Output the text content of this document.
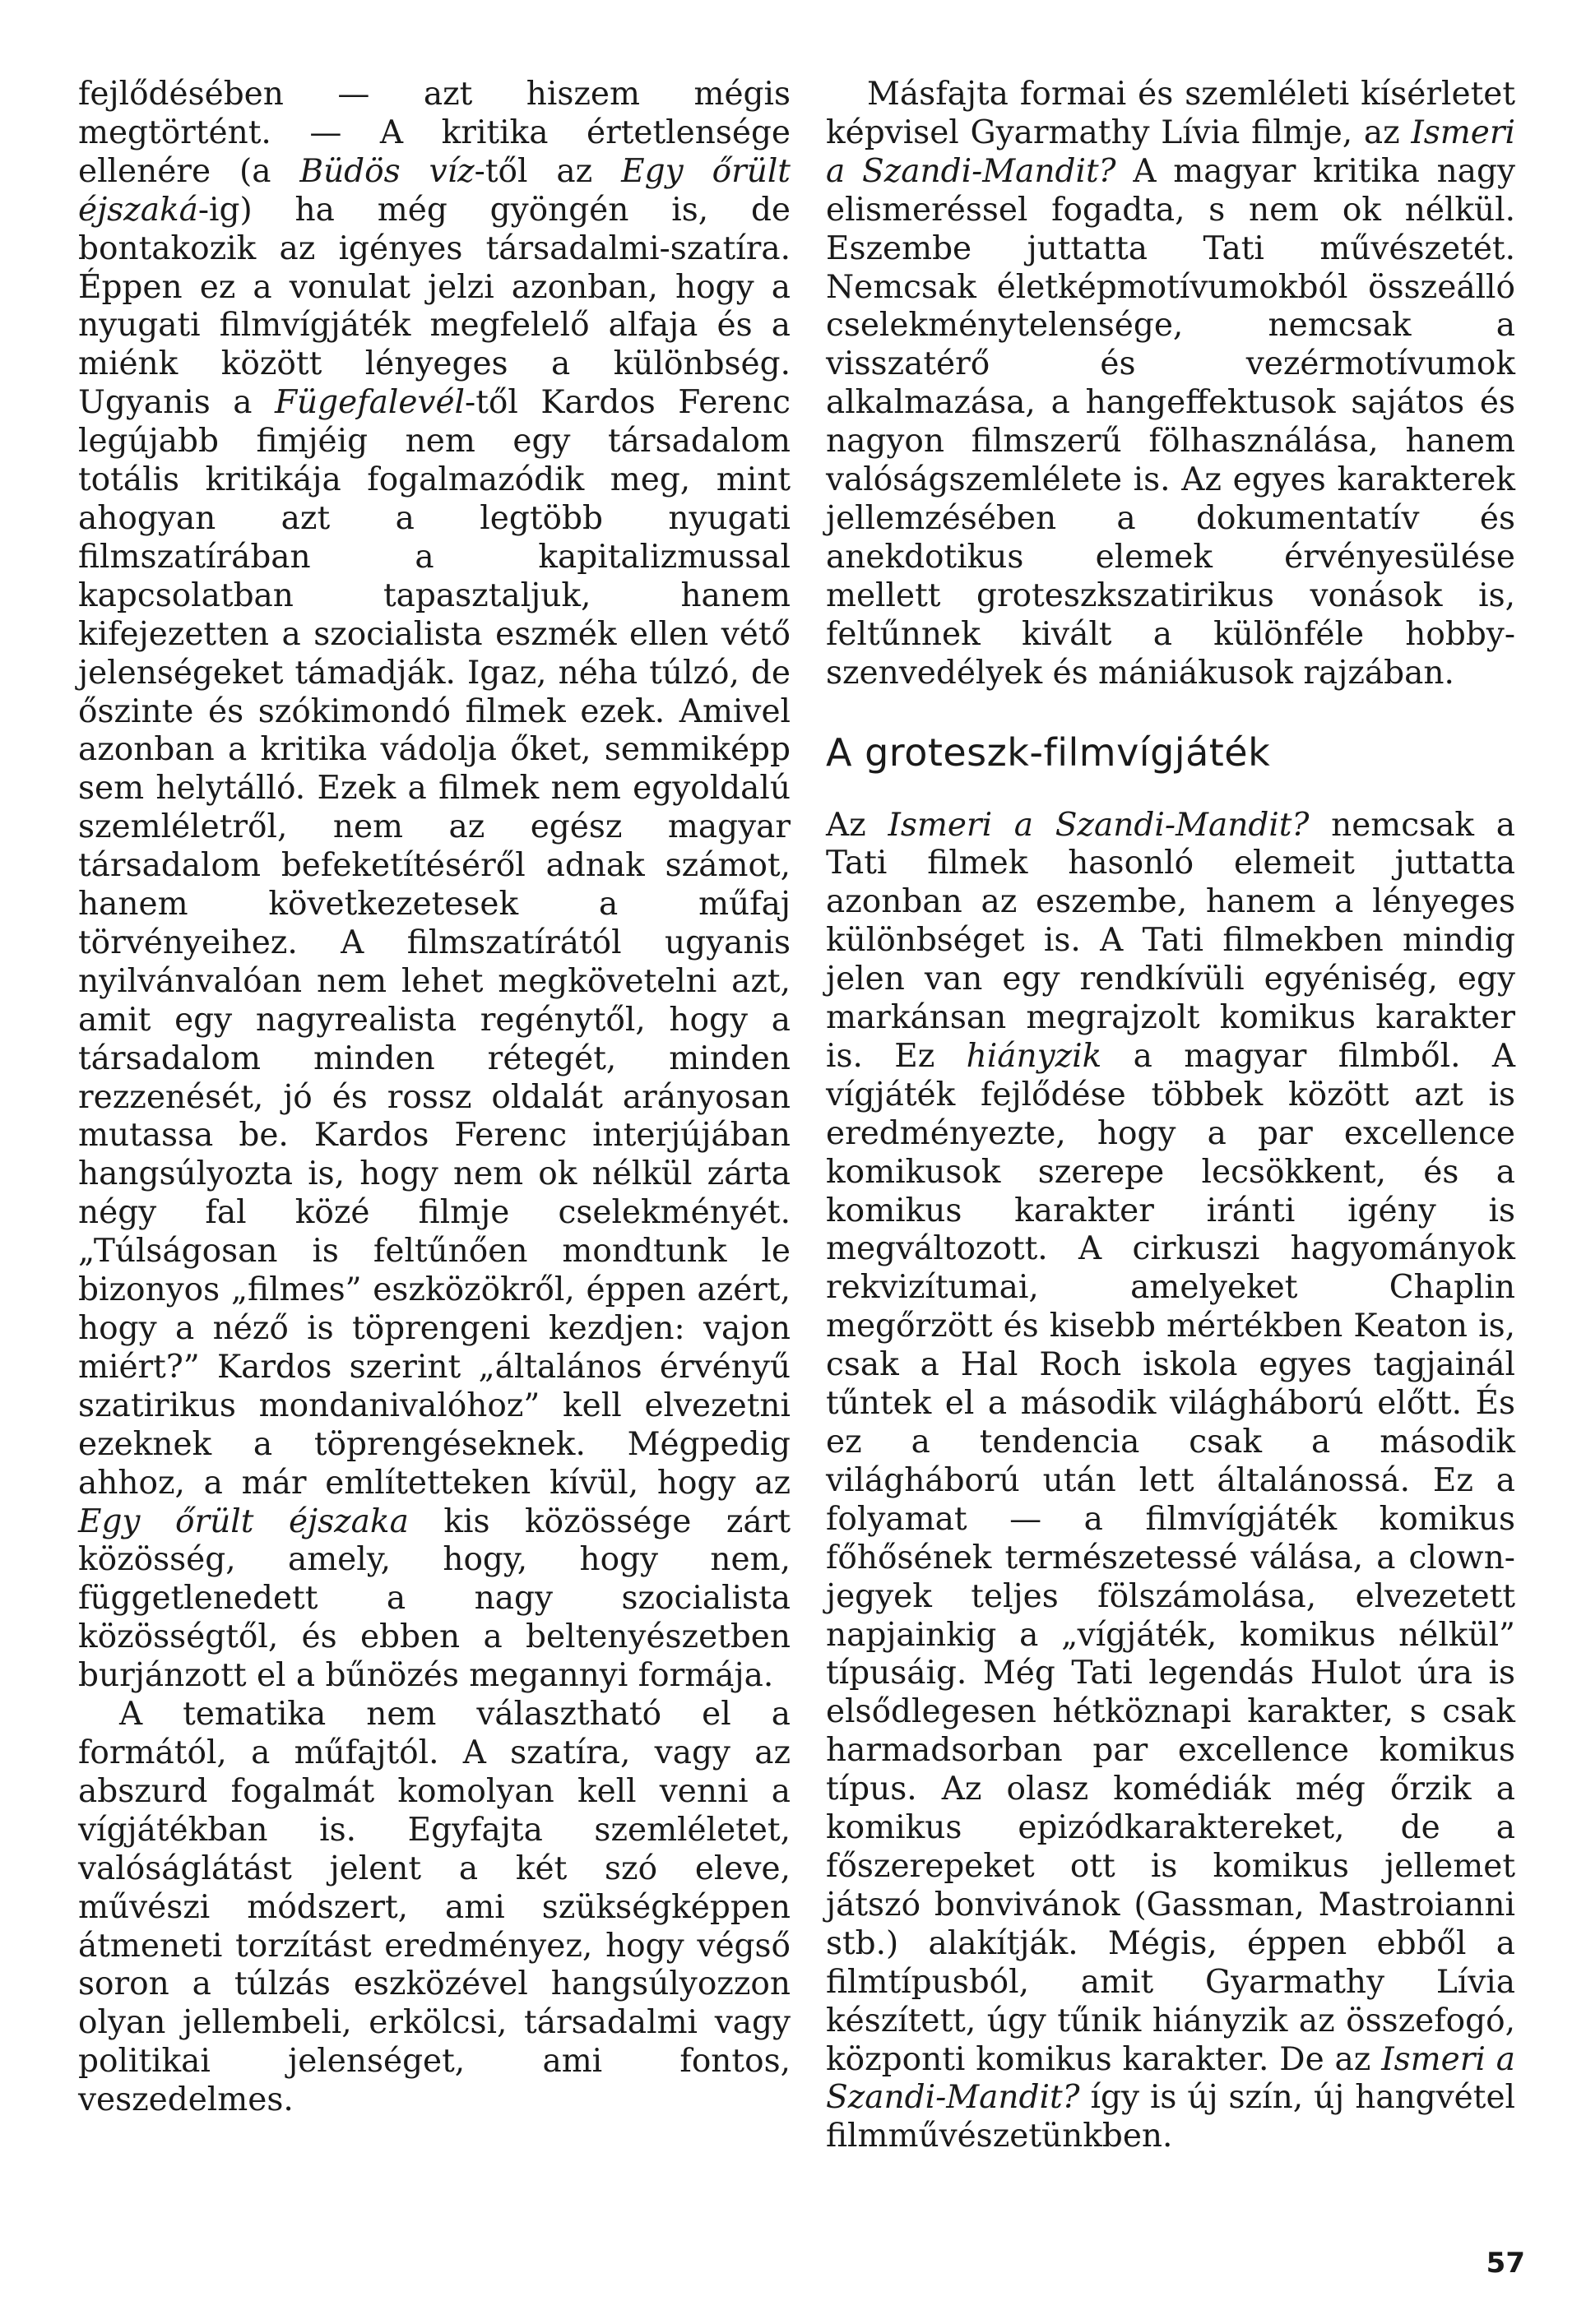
fejlődésében — azt hiszem mégis megtörtént. — A kritika értetlensége ellenére (a Büdös víz-től az Egy őrült éjszaká-ig) ha még gyöngén is, de bontakozik az igényes társadalmi-szatíra. Éppen ez a vonulat jelzi azonban, hogy a nyugati filmvígjáték megfelelő alfaja és a miénk között lényeges a különbség. Ugyanis a Fügefalevél-től Kardos Ferenc legújabb fimjéig nem egy társadalom totális kritikája fogalmazódik meg, mint ahogyan azt a legtöbb nyugati filmszatírában a kapitalizmussal kapcsolatban tapasztaljuk, hanem kifejezetten a szocialista eszmék ellen vétő jelenségeket támadják. Igaz, néha túlzó, de őszinte és szókimondó filmek ezek. Amivel azonban a kritika vádolja őket, semmiképp sem helytálló. Ezek a filmek nem egyoldalú szemléletről, nem az egész magyar társadalom befeketítéséről adnak számot, hanem következetesek a műfaj törvényeihez. A filmszatírától ugyanis nyilvánvalóan nem lehet megkövetelni azt, amit egy nagyrealista regénytől, hogy a társadalom minden rétegét, minden rezzenését, jó és rossz oldalát arányosan mutassa be. Kardos Ferenc interjújában hangsúlyozta is, hogy nem ok nélkül zárta négy fal közé filmje cselekményét. „Túlságosan is feltűnően mondtunk le bizonyos „filmes” eszközökről, éppen azért, hogy a néző is töprengeni kezdjen: vajon miért?” Kardos szerint „általános érvényű szatirikus mondanivalóhoz” kell elvezetni ezeknek a töprengéseknek. Mégpedig ahhoz, a már említetteken kívül, hogy az Egy őrült éjszaka kis közössége zárt közösség, amely, hogy, hogy nem, függetlenedett a nagy szocialista közösségtől, és ebben a beltenyészetben burjánzott el a bűnözés megannyi formája.

A tematika nem választható el a formától, a műfajtól. A szatíra, vagy az abszurd fogalmát komolyan kell venni a vígjátékban is. Egyfajta szemléletet, valóságlátást jelent a két szó eleve, művészi módszert, ami szükségképpen átmeneti torzítást eredményez, hogy végső soron a túlzás eszközével hangsúlyozzon olyan jellembeli, erkölcsi, társadalmi vagy politikai jelenséget, ami fontos, veszedelmes.

Másfajta formai és szemléleti kísérletet képvisel Gyarmathy Lívia filmje, az Ismeri a Szandi-Mandit? A magyar kritika nagy elismeréssel fogadta, s nem ok nélkül. Eszembe juttatta Tati művészetét. Nemcsak életképmotívumokból összeálló cselekménytelensége, nemcsak a visszatérő és vezérmotívumok alkalmazása, a hangeffektusok sajátos és nagyon filmszerű fölhasználása, hanem valóságszemlélete is. Az egyes karakterek jellemzésében a dokumentatív és anekdotikus elemek érvényesülése mellett groteszkszatirikus vonások is, feltűnnek kivált a különféle hobby-szenvedélyek és mániákusok rajzában.

A groteszk-filmvígjáték

Az Ismeri a Szandi-Mandit? nemcsak a Tati filmek hasonló elemeit juttatta azonban az eszembe, hanem a lényeges különbséget is. A Tati filmekben mindig jelen van egy rendkívüli egyéniség, egy markánsan megrajzolt komikus karakter is. Ez hiányzik a magyar filmből. A vígjáték fejlődése többek között azt is eredményezte, hogy a par excellence komikusok szerepe lecsökkent, és a komikus karakter iránti igény is megváltozott. A cirkuszi hagyományok rekvizítumai, amelyeket Chaplin megőrzött és kisebb mértékben Keaton is, csak a Hal Roch iskola egyes tagjainál tűntek el a második világháború előtt. És ez a tendencia csak a második világháború után lett általánossá. Ez a folyamat — a filmvígjáték komikus főhősének természetessé válása, a clown-jegyek teljes fölszámolása, elvezetett napjainkig a „vígjáték, komikus nélkül” típusáig. Még Tati legendás Hulot úra is elsődlegesen hétköznapi karakter, s csak harmadsorban par excellence komikus típus. Az olasz komédiák még őrzik a komikus epizódkaraktereket, de a főszerepeket ott is komikus jellemet játszó bonvivánok (Gassman, Mastroianni stb.) alakítják. Mégis, éppen ebből a filmtípusból, amit Gyarmathy Lívia készített, úgy tűnik hiányzik az összefogó, központi komikus karakter. De az Ismeri a Szandi-Mandit? így is új szín, új hangvétel filmművészetünkben.

57
